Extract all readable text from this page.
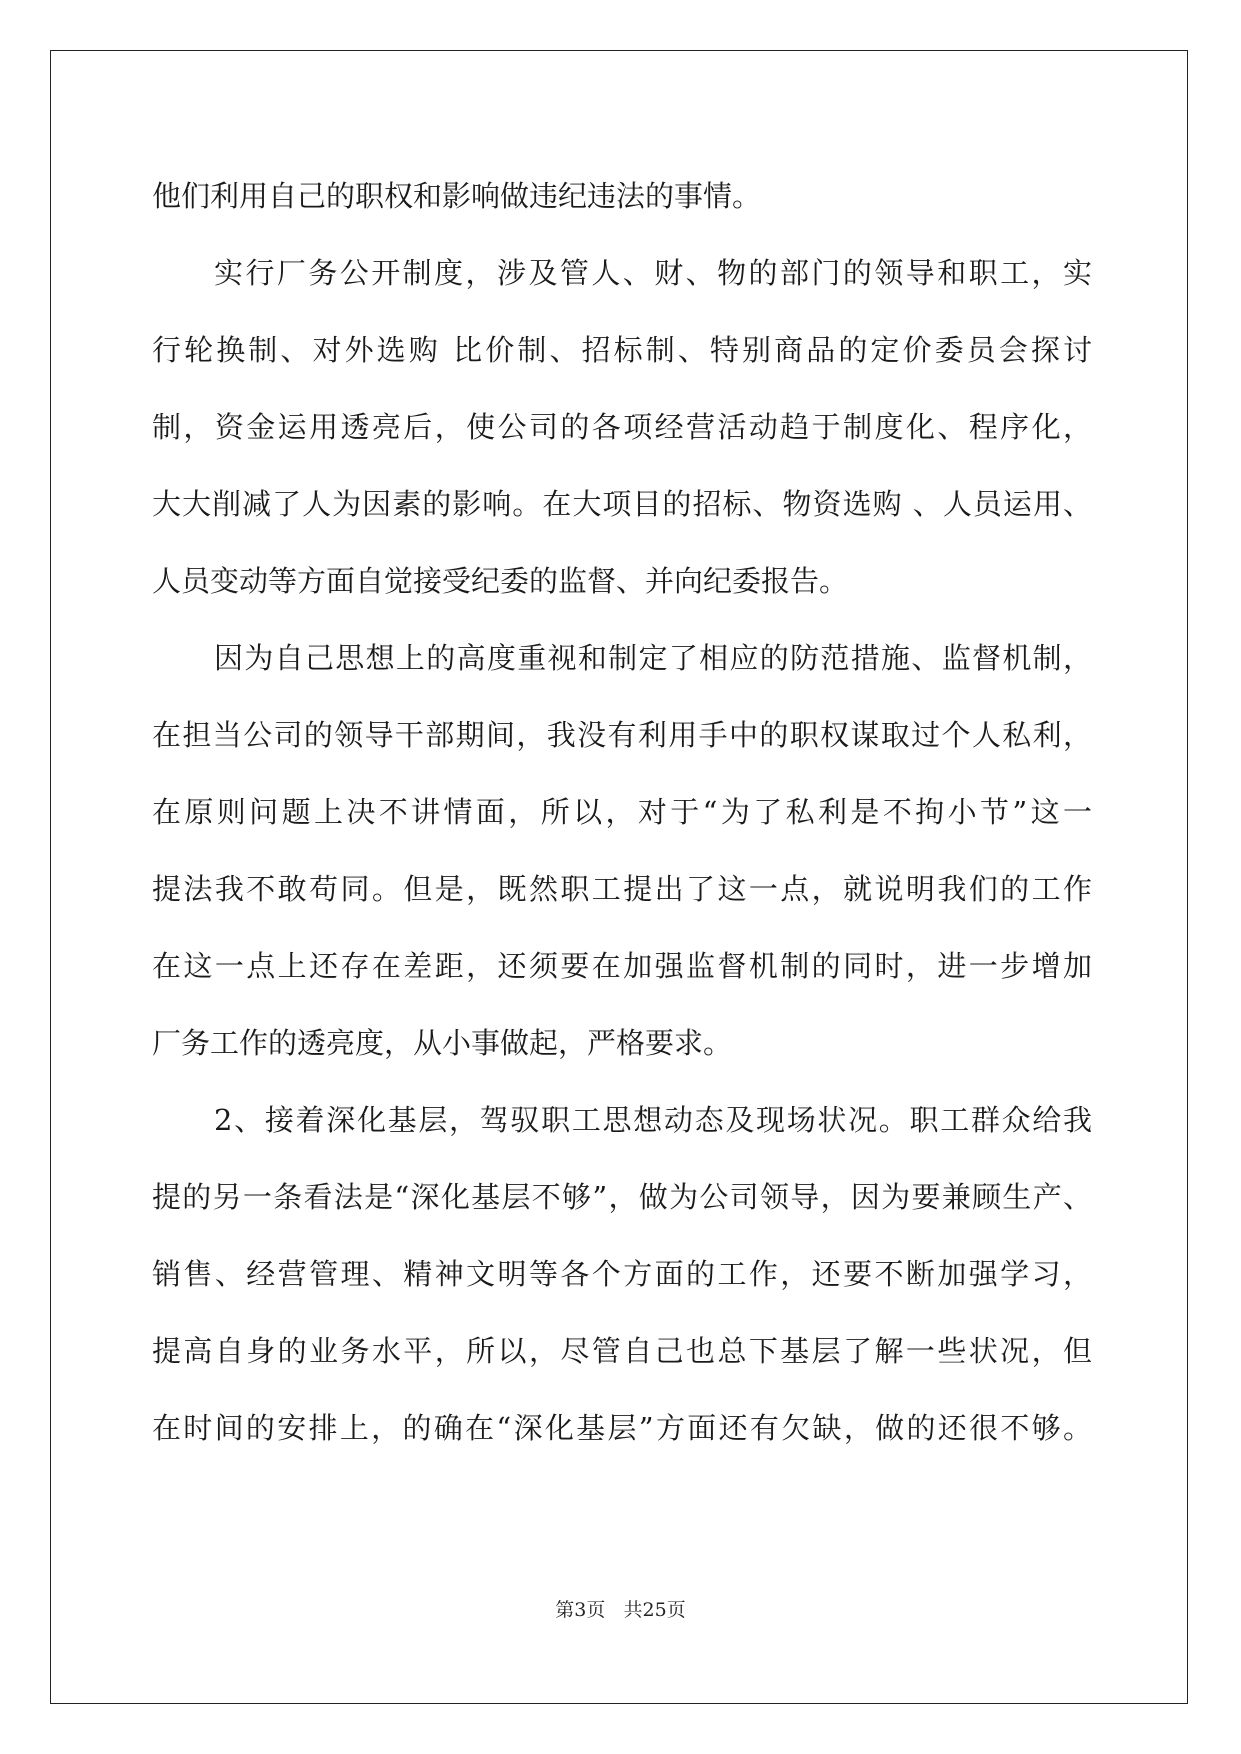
他们利用自己的职权和影响做违纪违法的事情。
实行厂务公开制度，涉及管人、财、物的部门的领导和职工，实
行轮换制、对外选购 比价制、招标制、特别商品的定价委员会探讨
制，资金运用透亮后，使公司的各项经营活动趋于制度化、程序化，
大大削减了人为因素的影响。在大项目的招标、物资选购 、人员运用、
人员变动等方面自觉接受纪委的监督、并向纪委报告。
因为自己思想上的高度重视和制定了相应的防范措施、监督机制，
在担当公司的领导干部期间，我没有利用手中的职权谋取过个人私利，
在原则问题上决不讲情面，所以，对于“为了私利是不拘小节”这一
提法我不敢苟同。但是，既然职工提出了这一点，就说明我们的工作
在这一点上还存在差距，还须要在加强监督机制的同时，进一步增加
厂务工作的透亮度，从小事做起，严格要求。
2、接着深化基层，驾驭职工思想动态及现场状况。职工群众给我
提的另一条看法是“深化基层不够”，做为公司领导，因为要兼顾生产、
销售、经营管理、精神文明等各个方面的工作，还要不断加强学习，
提高自身的业务水平，所以，尽管自己也总下基层了解一些状况，但
在时间的安排上，的确在“深化基层”方面还有欠缺，做的还很不够。
第3页 共25页
